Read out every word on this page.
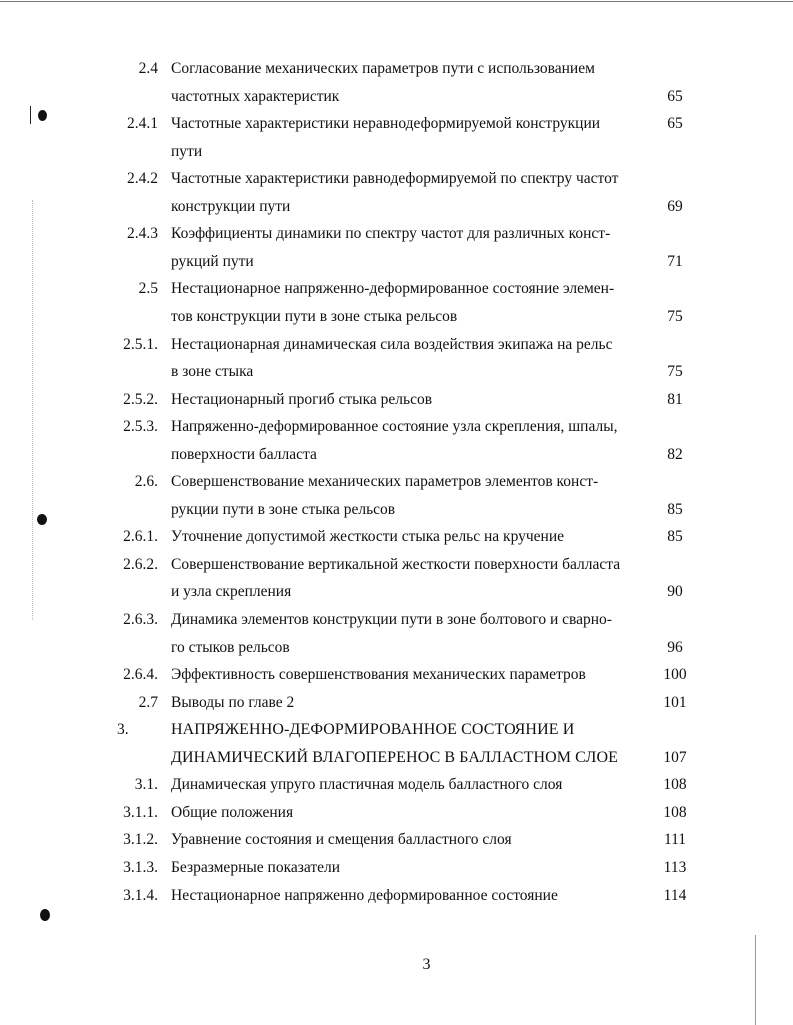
2.4 Согласование механических параметров пути с использованием
частотных характеристик	65
2.4.1 Частотные характеристики неравнодеформируемой конструкции	65
пути
2.4.2 Частотные характеристики равнодеформируемой по спектру частот
конструкции пути	69
2.4.3 Коэффициенты динамики по спектру частот для различных конст-
рукций пути	71
2.5 Нестационарное напряженно-деформированное состояние элемен-
тов конструкции пути в зоне стыка рельсов	75
2.5.1. Нестационарная динамическая сила воздействия экипажа на рельс
в зоне стыка	75
2.5.2. Нестационарный прогиб стыка рельсов	81
2.5.3. Напряженно-деформированное состояние узла скрепления, шпалы,
поверхности балласта	82
2.6. Совершенствование механических параметров элементов конст-
рукции пути в зоне стыка рельсов	85
2.6.1. Уточнение допустимой жесткости стыка рельс на кручение	85
2.6.2. Совершенствование вертикальной жесткости поверхности балласта
и узла скрепления	90
2.6.3. Динамика элементов конструкции пути в зоне болтового и сварно-
го стыков рельсов	96
2.6.4. Эффективность совершенствования механических параметров	100
2.7 Выводы по главе 2	101
3.	НАПРЯЖЕННО-ДЕФОРМИРОВАННОЕ СОСТОЯНИЕ И
ДИНАМИЧЕСКИЙ ВЛАГОПЕРЕНОС В БАЛЛАСТНОМ СЛОЕ	107
3.1. Динамическая упруго пластичная модель балластного слоя	108
3.1.1. Общие положения	108
3.1.2. Уравнение состояния и смещения балластного слоя	111
3.1.3. Безразмерные показатели	113
3.1.4. Нестационарное напряженно деформированное состояние	114
3
